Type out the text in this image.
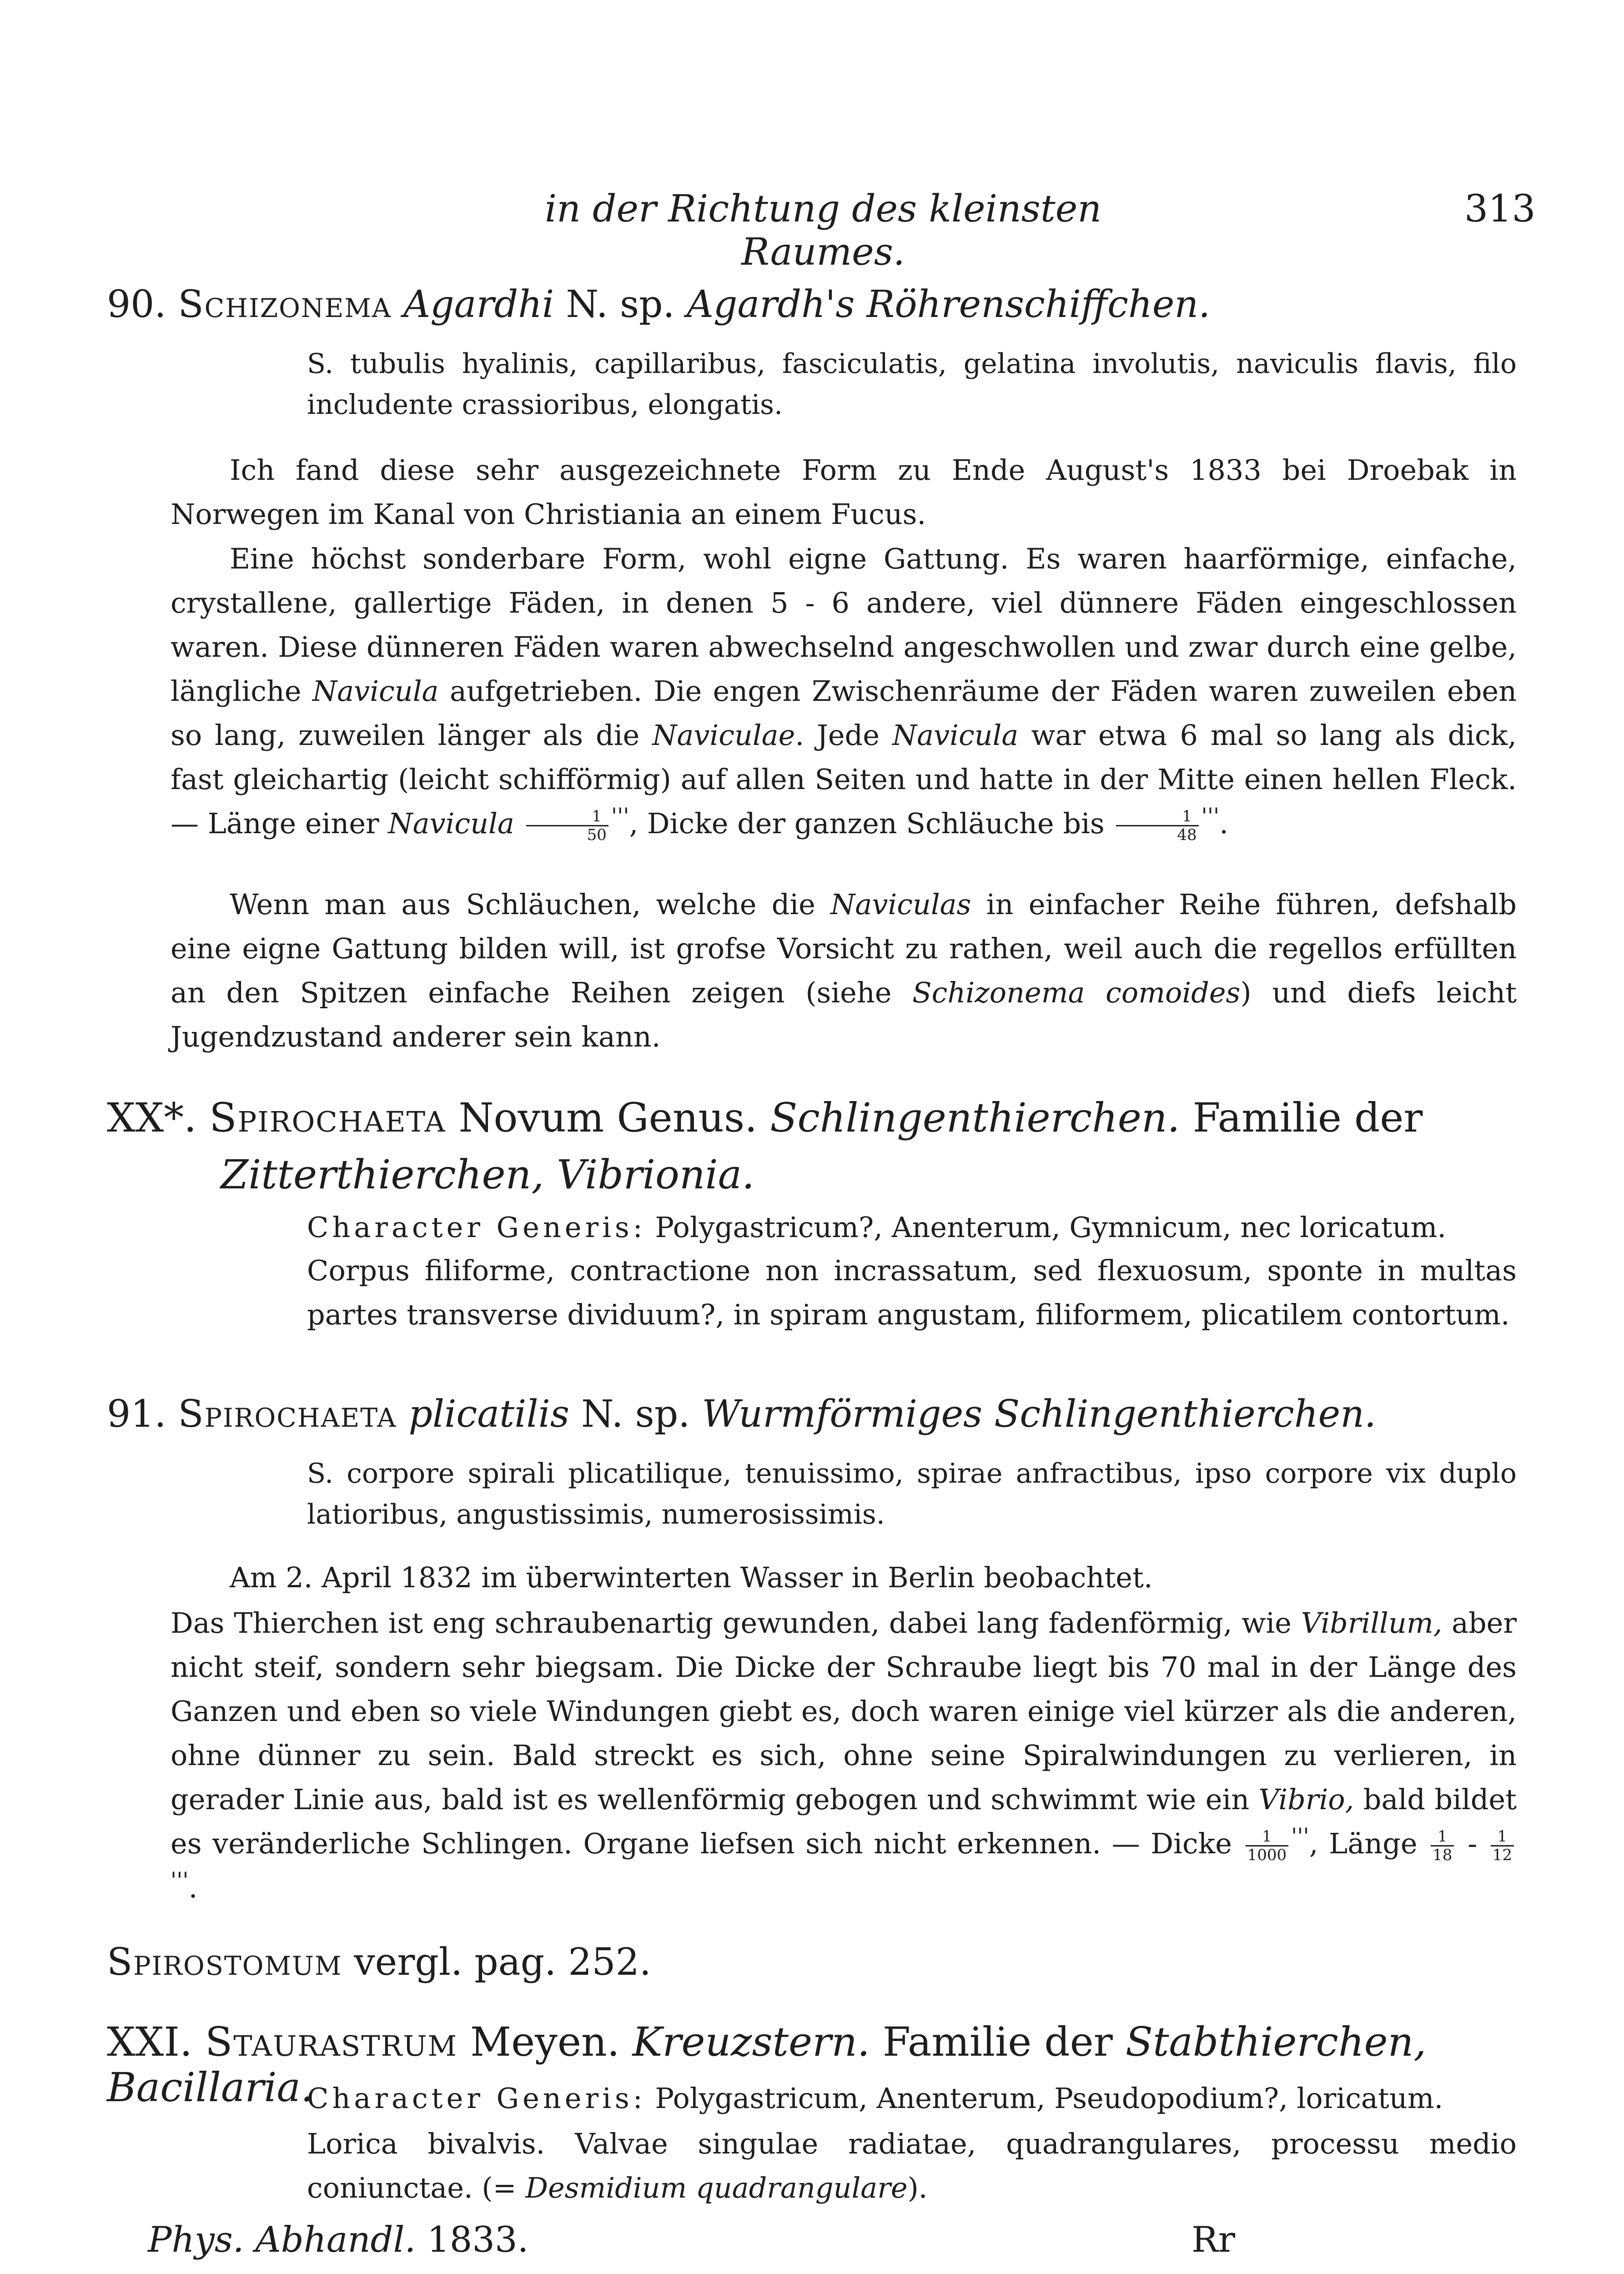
in der Richtung des kleinsten Raumes.
313
90. Schizonema Agardhi N. sp. Agardh's Röhrenschiffchen.
S. tubulis hyalinis, capillaribus, fasciculatis, gelatina involutis, naviculis flavis, filo includente crassioribus, elongatis.
Ich fand diese sehr ausgezeichnete Form zu Ende August's 1833 bei Droebak in Norwegen im Kanal von Christiania an einem Fucus.
Eine höchst sonderbare Form, wohl eigne Gattung. Es waren haarförmige, einfache, crystallene, gallertige Fäden, in denen 5 - 6 andere, viel dünnere Fäden eingeschlossen waren. Diese dünneren Fäden waren abwechselnd angeschwollen und zwar durch eine gelbe, längliche Navicula aufgetrieben. Die engen Zwischenräume der Fäden waren zuweilen eben so lang, zuweilen länger als die Naviculae. Jede Navicula war etwa 6 mal so lang als dick, fast gleichartig (leicht schifförmig) auf allen Seiten und hatte in der Mitte einen hellen Fleck. — Länge einer Navicula $\frac{1}{50} '''$, Dicke der ganzen Schläuche bis $\frac{1}{48} '''$.
Wenn man aus Schläuchen, welche die Naviculas in einfacher Reihe führen, defshalb eine eigne Gattung bilden will, ist grofse Vorsicht zu rathen, weil auch die regellos erfüllten an den Spitzen einfache Reihen zeigen (siehe Schizonema comoides) und diefs leicht Jugendzustand anderer sein kann.
XX*. Spirochaeta Novum Genus. Schlingenthierchen. Familie der Zitterthierchen, Vibrionia.
Character Generis: Polygastricum?, Anenterum, Gymnicum, nec loricatum.
Corpus filiforme, contractione non incrassatum, sed flexuosum, sponte in multas partes transverse dividuum?, in spiram angustam, filiformem, plicatilem contortum.
91. Spirochaeta plicatilis N. sp. Wurmförmiges Schlingenthierchen.
S. corpore spirali plicatilique, tenuissimo, spirae anfractibus, ipso corpore vix duplo latioribus, angustissimis, numerosissimis.
Am 2. April 1832 im überwinterten Wasser in Berlin beobachtet.
Das Thierchen ist eng schraubenartig gewunden, dabei lang fadenförmig, wie Vibrillum, aber nicht steif, sondern sehr biegsam. Die Dicke der Schraube liegt bis 70 mal in der Länge des Ganzen und eben so viele Windungen giebt es, doch waren einige viel kürzer als die anderen, ohne dünner zu sein. Bald streckt es sich, ohne seine Spiralwindungen zu verlieren, in gerader Linie aus, bald ist es wellenförmig gebogen und schwimmt wie ein Vibrio, bald bildet es veränderliche Schlingen. Organe liefsen sich nicht erkennen. — Dicke $\frac{1}{1000} '''$, Länge $\frac{1}{18} - \frac{1}{12}$
'''.
Spirostomum vergl. pag. 252.
XXI. Staurastrum Meyen. Kreuzstern. Familie der Stabthierchen, Bacillaria.
Character Generis: Polygastricum, Anenterum, Pseudopodium?, loricatum.
Lorica bivalvis. Valvae singulae radiatae, quadrangulares, processu medio coniunctae. (= Desmidium quadrangulare).
Phys. Abhandl. 1833.	Rr
